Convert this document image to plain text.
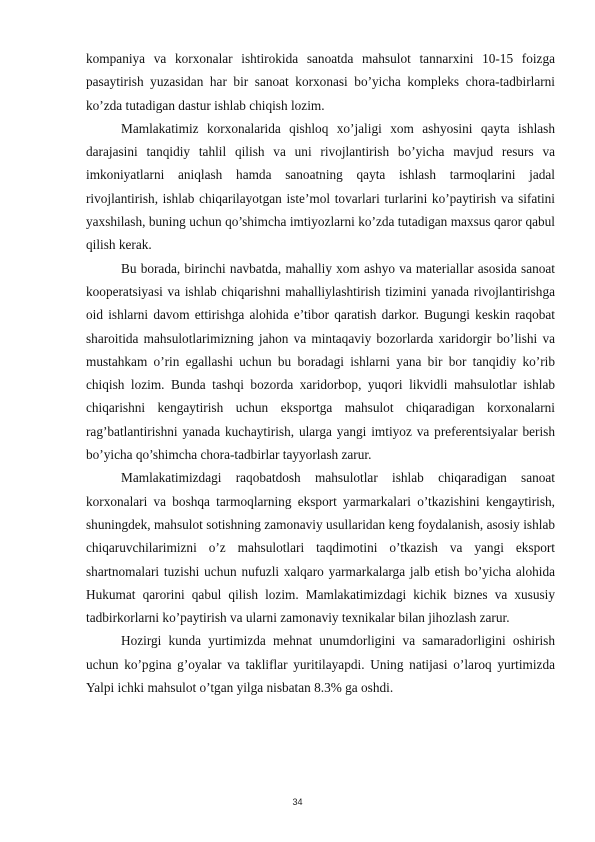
kompaniya va korxonalar ishtirokida sanoatda mahsulot tannarxini 10-15 foizga pasaytirish yuzasidan har bir sanoat korxonasi bo’yicha kompleks chora-tadbirlarni ko’zda tutadigan dastur ishlab chiqish lozim.

Mamlakatimiz korxonalarida qishloq xo’jaligi xom ashyosini qayta ishlash darajasini tanqidiy tahlil qilish va uni rivojlantirish bo’yicha mavjud resurs va imkoniyatlarni aniqlash hamda sanoatning qayta ishlash tarmoqlarini jadal rivojlantirish, ishlab chiqarilayotgan iste’mol tovarlari turlarini ko’paytirish va sifatini yaxshilash, buning uchun qo’shimcha imtiyozlarni ko’zda tutadigan maxsus qaror qabul qilish kerak.

Bu borada, birinchi navbatda, mahalliy xom ashyo va materiallar asosida sanoat kooperatsiyasi va ishlab chiqarishni mahalliylashtirish tizimini yanada rivojlantirishga oid ishlarni davom ettirishga alohida e’tibor qaratish darkor. Bugungi keskin raqobat sharoitida mahsulotlarimizning jahon va mintaqaviy bozorlarda xaridorgir bo’lishi va mustahkam o’rin egallashi uchun bu boradagi ishlarni yana bir bor tanqidiy ko’rib chiqish lozim. Bunda tashqi bozorda xaridorbop, yuqori likvidli mahsulotlar ishlab chiqarishni kengaytirish uchun eksportga mahsulot chiqaradigan korxonalarni rag’batlantirishni yanada kuchaytirish, ularga yangi imtiyoz va preferentsiyalar berish bo’yicha qo’shimcha chora-tadbirlar tayyorlash zarur.

Mamlakatimizdagi raqobatdosh mahsulotlar ishlab chiqaradigan sanoat korxonalari va boshqa tarmoqlarning eksport yarmarkalari o’tkazishini kengaytirish, shuningdek, mahsulot sotishning zamonaviy usullaridan keng foydalanish, asosiy ishlab chiqaruvchilarimizni o’z mahsulotlari taqdimotini o’tkazish va yangi eksport shartnomalari tuzishi uchun nufuzli xalqaro yarmarkalarga jalb etish bo’yicha alohida Hukumat qarorini qabul qilish lozim. Mamlakatimizdagi kichik biznes va xususiy tadbirkorlarni ko’paytirish va ularni zamonaviy texnikalar bilan jihozlash zarur.

Hozirgi kunda yurtimizda mehnat unumdorligini va samaradorligini oshirish uchun ko’pgina g’oyalar va takliflar yuritilayapdi. Uning natijasi o’laroq yurtimizda Yalpi ichki mahsulot o’tgan yilga nisbatan 8.3% ga oshdi.

34
